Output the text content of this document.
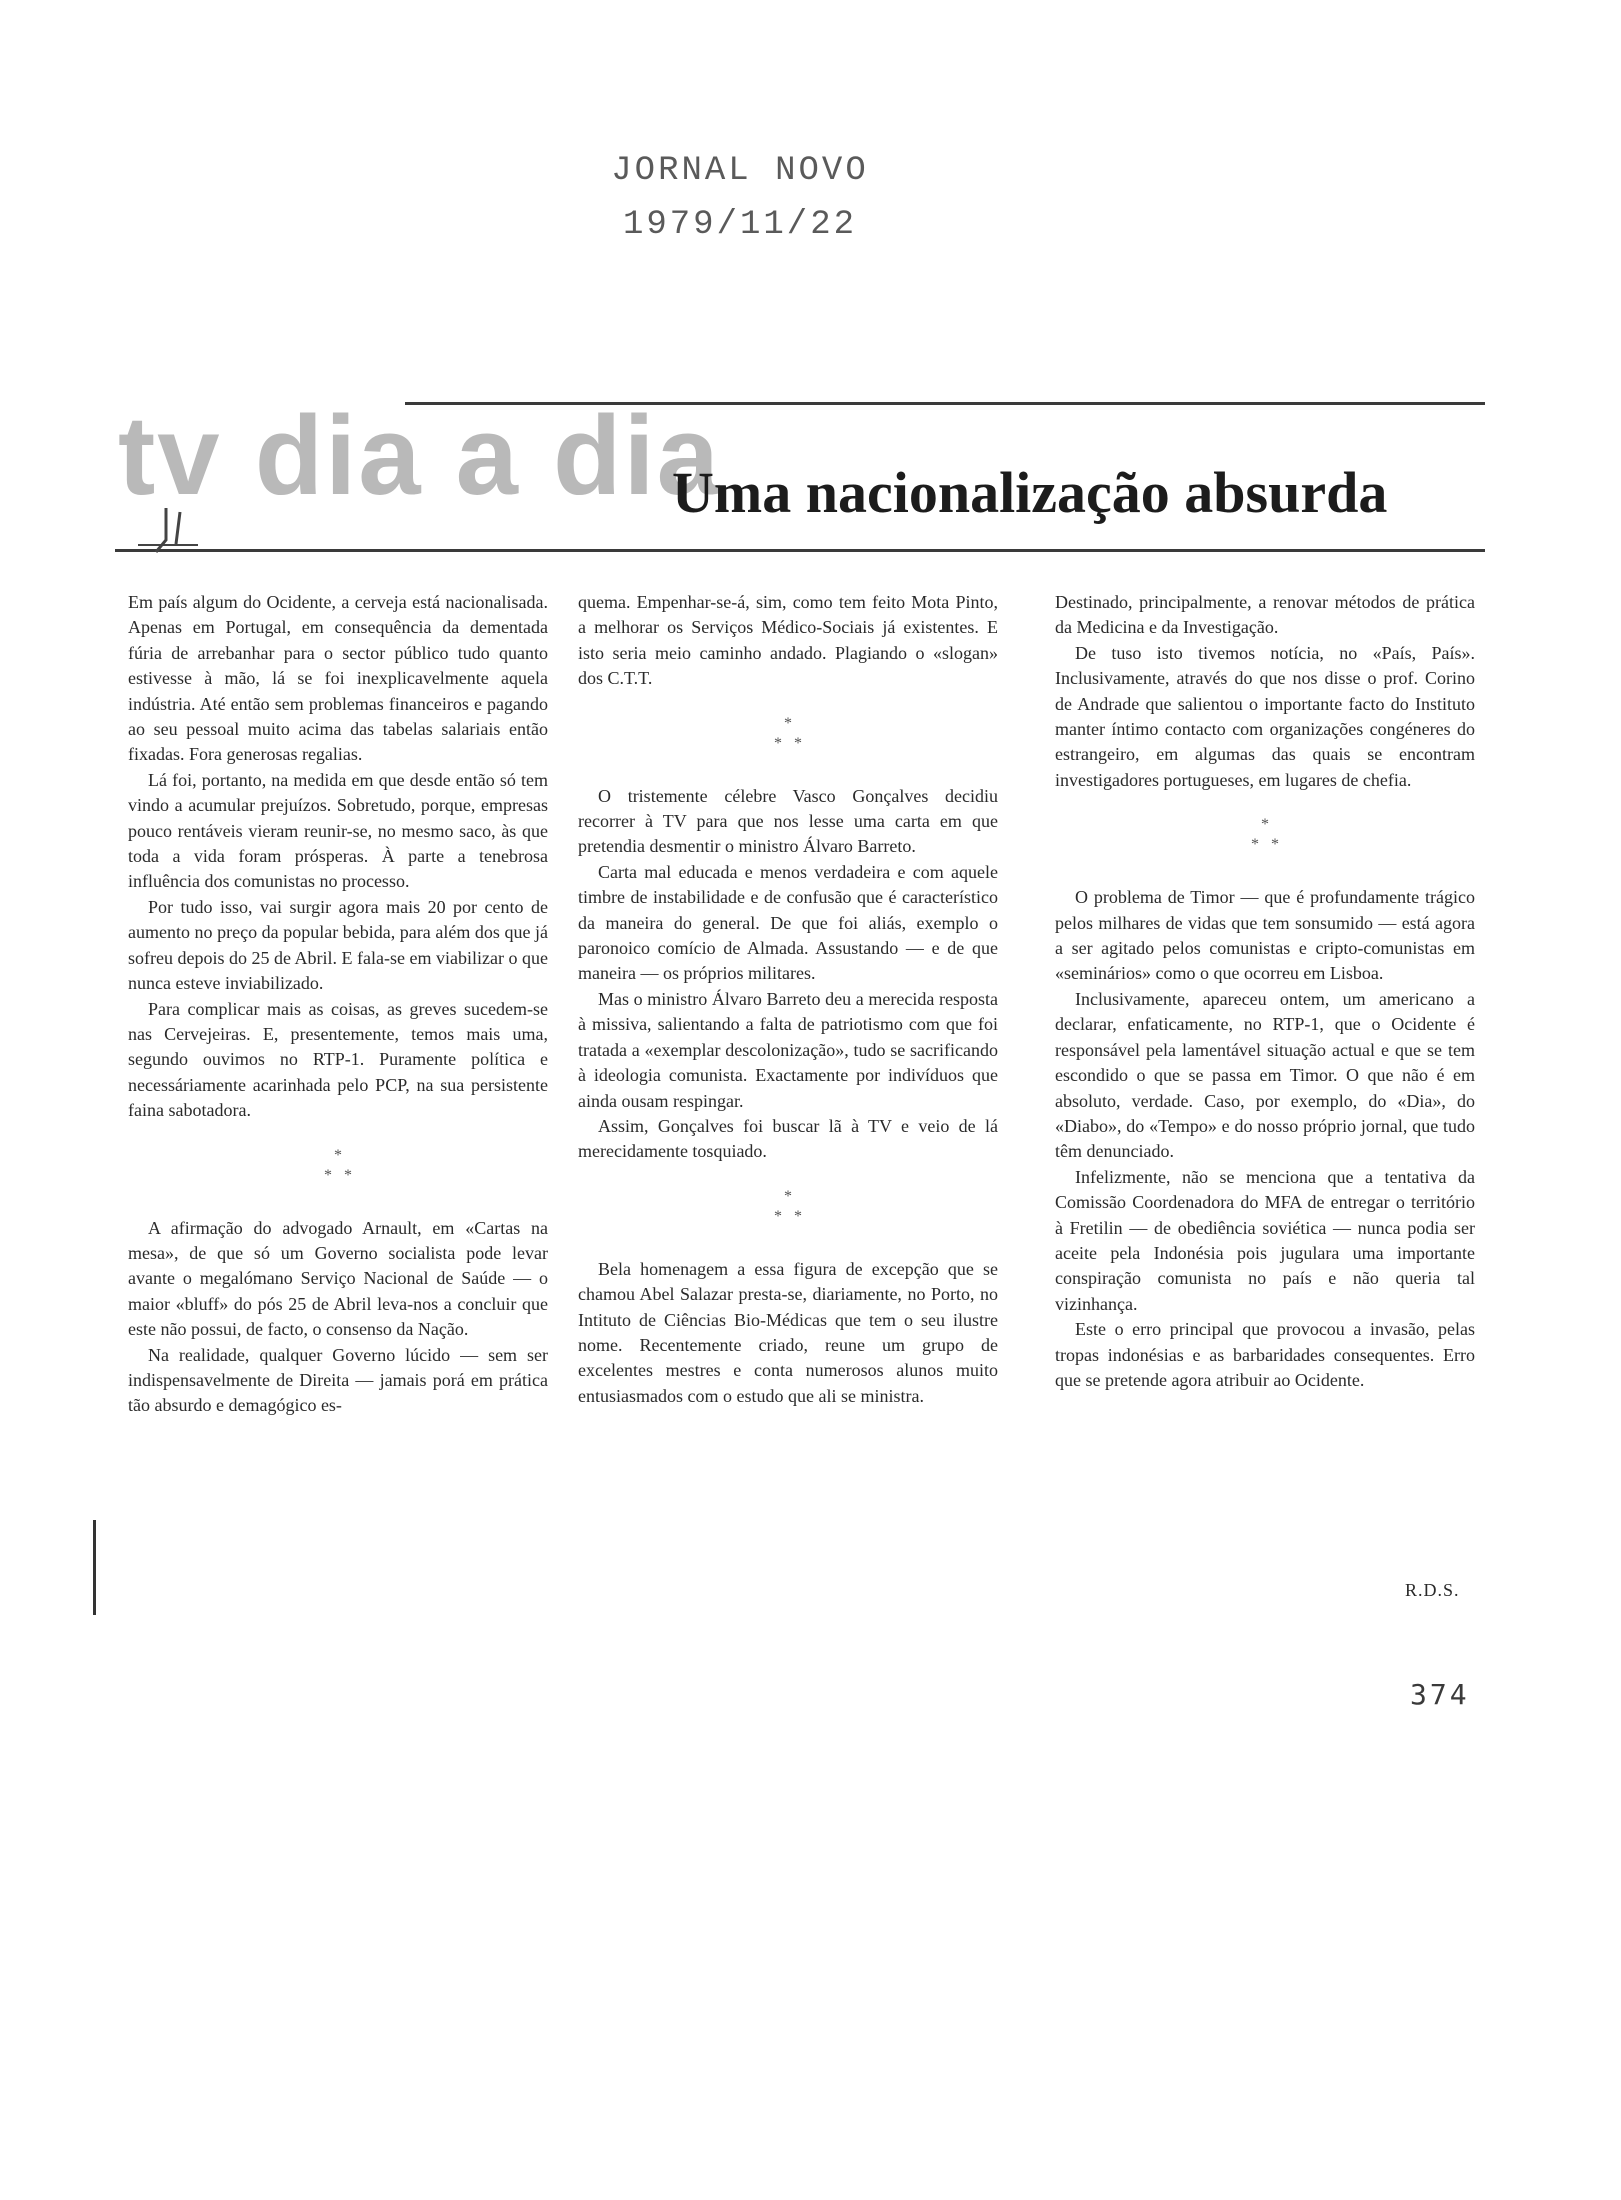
JORNAL NOVO
1979/11/22
tv dia a dia
Uma nacionalização absurda

Em país algum do Ocidente, a cerveja está nacionalisada. Apenas em Portugal, em consequência da dementada fúria de arrebanhar para o sector público tudo quanto estivesse à mão, lá se foi inexplicavelmente aquela indústria. Até então sem problemas financeiros e pagando ao seu pessoal muito acima das tabelas salariais então fixadas. Fora generosas regalias.

Lá foi, portanto, na medida em que desde então só tem vindo a acumular prejuízos. Sobretudo, porque, empresas pouco rentáveis vieram reunir-se, no mesmo saco, às que toda a vida foram prósperas. À parte a tenebrosa influência dos comunistas no processo.

Por tudo isso, vai surgir agora mais 20 por cento de aumento no preço da popular bebida, para além dos que já sofreu depois do 25 de Abril. E fala-se em viabilizar o que nunca esteve inviabilizado.

Para complicar mais as coisas, as greves sucedem-se nas Cervejeiras. E, presentemente, temos mais uma, segundo ouvimos no RTP-1. Puramente política e necessáriamente acarinhada pelo PCP, na sua persistente faina sabotadora.

*
*   *

A afirmação do advogado Arnault, em «Cartas na mesa», de que só um Governo socialista pode levar avante o megalómano Serviço Nacional de Saúde — o maior «bluff» do pós 25 de Abril leva-nos a concluir que este não possui, de facto, o consenso da Nação.

Na realidade, qualquer Governo lúcido — sem ser indispensavelmente de Direita — jamais porá em prática tão absurdo e demagógico es-

quema. Empenhar-se-á, sim, como tem feito Mota Pinto, a melhorar os Serviços Médico-Sociais já existentes. E isto seria meio caminho andado. Plagiando o «slogan» dos C.T.T.

*
*   *

O tristemente célebre Vasco Gonçalves decidiu recorrer à TV para que nos lesse uma carta em que pretendia desmentir o ministro Álvaro Barreto.

Carta mal educada e menos verdadeira e com aquele timbre de instabilidade e de confusão que é característico da maneira do general. De que foi aliás, exemplo o paronoico comício de Almada. Assustando — e de que maneira — os próprios militares.

Mas o ministro Álvaro Barreto deu a merecida resposta à missiva, salientando a falta de patriotismo com que foi tratada a «exemplar descolonização», tudo se sacrificando à ideologia comunista. Exactamente por indivíduos que ainda ousam respingar.

Assim, Gonçalves foi buscar lã à TV e veio de lá merecidamente tosquiado.

*
*   *

Bela homenagem a essa figura de excepção que se chamou Abel Salazar presta-se, diariamente, no Porto, no Intituto de Ciências Bio-Médicas que tem o seu ilustre nome. Recentemente criado, reune um grupo de excelentes mestres e conta numerosos alunos muito entusiasmados com o estudo que ali se ministra.

Destinado, principalmente, a renovar métodos de prática da Medicina e da Investigação.

De tuso isto tivemos notícia, no «País, País». Inclusivamente, através do que nos disse o prof. Corino de Andrade que salientou o importante facto do Instituto manter íntimo contacto com organizações congéneres do estrangeiro, em algumas das quais se encontram investigadores portugueses, em lugares de chefia.

*
*   *

O problema de Timor — que é profundamente trágico pelos milhares de vidas que tem sonsumido — está agora a ser agitado pelos comunistas e cripto-comunistas em «seminários» como o que ocorreu em Lisboa.

Inclusivamente, apareceu ontem, um americano a declarar, enfaticamente, no RTP-1, que o Ocidente é responsável pela lamentável situação actual e que se tem escondido o que se passa em Timor. O que não é em absoluto, verdade. Caso, por exemplo, do «Dia», do «Diabo», do «Tempo» e do nosso próprio jornal, que tudo têm denunciado.

Infelizmente, não se menciona que a tentativa da Comissão Coordenadora do MFA de entregar o território à Fretilin — de obediência soviética — nunca podia ser aceite pela Indonésia pois jugulara uma importante conspiração comunista no país e não queria tal vizinhança.

Este o erro principal que provocou a invasão, pelas tropas indonésias e as barbaridades consequentes. Erro que se pretende agora atribuir ao Ocidente.

R.D.S.
374
